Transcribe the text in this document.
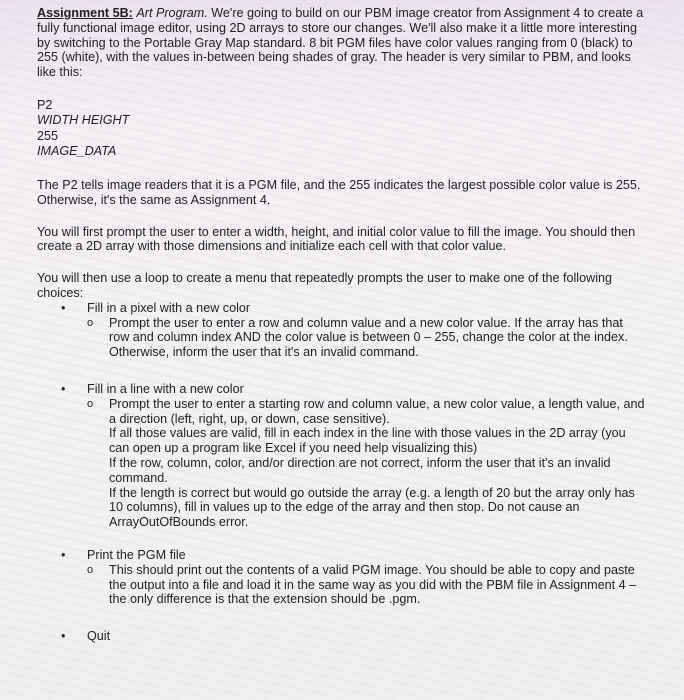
Assignment 5B: Art Program. We're going to build on our PBM image creator from Assignment 4 to create a fully functional image editor, using 2D arrays to store our changes. We'll also make it a little more interesting by switching to the Portable Gray Map standard. 8 bit PGM files have color values ranging from 0 (black) to 255 (white), with the values in-between being shades of gray. The header is very similar to PBM, and looks like this:

P2
WIDTH HEIGHT
255
IMAGE_DATA

The P2 tells image readers that it is a PGM file, and the 255 indicates the largest possible color value is 255. Otherwise, it's the same as Assignment 4.

You will first prompt the user to enter a width, height, and initial color value to fill the image. You should then create a 2D array with those dimensions and initialize each cell with that color value.

You will then use a loop to create a menu that repeatedly prompts the user to make one of the following choices:

• Fill in a pixel with a new color
o Prompt the user to enter a row and column value and a new color value. If the array has that row and column index AND the color value is between 0 – 255, change the color at the index.
Otherwise, inform the user that it's an invalid command.
• Fill in a line with a new color
o Prompt the user to enter a starting row and column value, a new color value, a length value, and a direction (left, right, up, or down, case sensitive).
If all those values are valid, fill in each index in the line with those values in the 2D array (you can open up a program like Excel if you need help visualizing this)
If the row, column, color, and/or direction are not correct, inform the user that it's an invalid command.
If the length is correct but would go outside the array (e.g. a length of 20 but the array only has 10 columns), fill in values up to the edge of the array and then stop. Do not cause an ArrayOutOfBounds error.
• Print the PGM file
o This should print out the contents of a valid PGM image. You should be able to copy and paste the output into a file and load it in the same way as you did with the PBM file in Assignment 4 – the only difference is that the extension should be .pgm.
• Quit
